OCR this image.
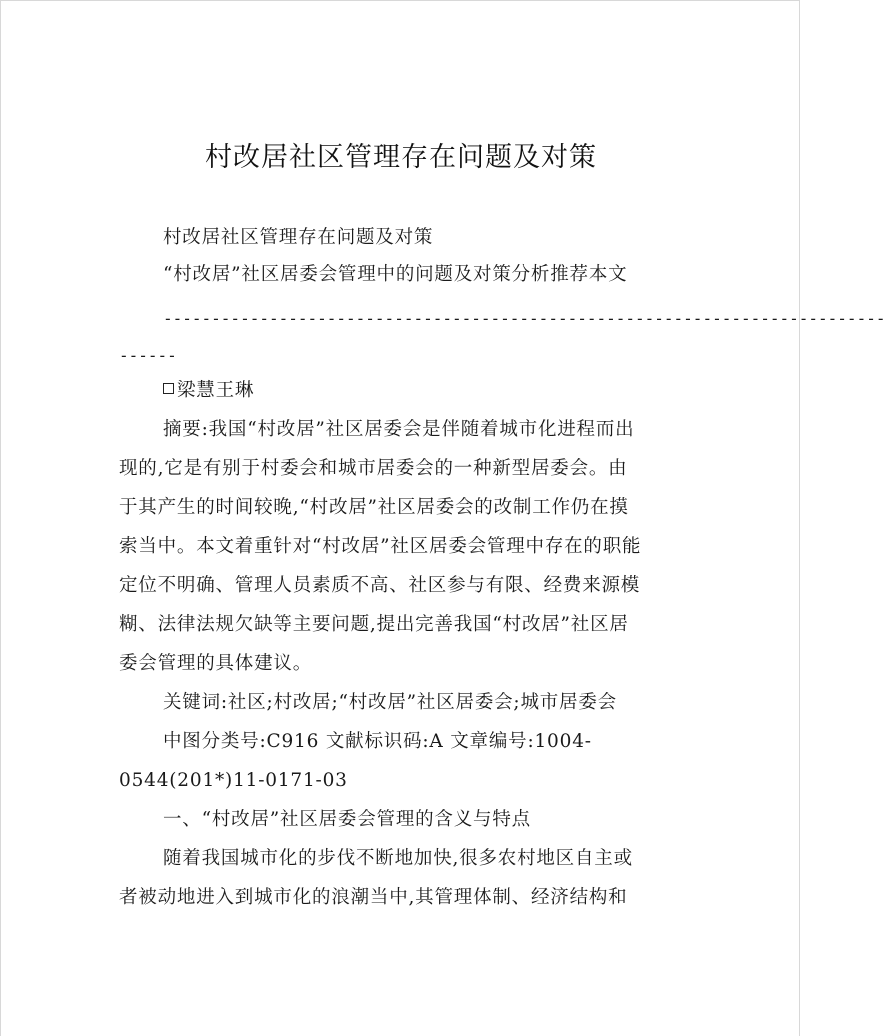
村改居社区管理存在问题及对策
村改居社区管理存在问题及对策
“村改居”社区居委会管理中的问题及对策分析推荐本文
---------------------------------------------------------------------------
------
梁慧王琳
摘要:我国“村改居”社区居委会是伴随着城市化进程而出
现的,它是有别于村委会和城市居委会的一种新型居委会。由
于其产生的时间较晚,“村改居”社区居委会的改制工作仍在摸
索当中。本文着重针对“村改居”社区居委会管理中存在的职能
定位不明确、管理人员素质不高、社区参与有限、经费来源模
糊、法律法规欠缺等主要问题,提出完善我国“村改居”社区居
委会管理的具体建议。
关键词:社区;村改居;“村改居”社区居委会;城市居委会
中图分类号:C916 文献标识码:A 文章编号:1004-
0544(201*)11-0171-03
一、“村改居”社区居委会管理的含义与特点
随着我国城市化的步伐不断地加快,很多农村地区自主或
者被动地进入到城市化的浪潮当中,其管理体制、经济结构和
